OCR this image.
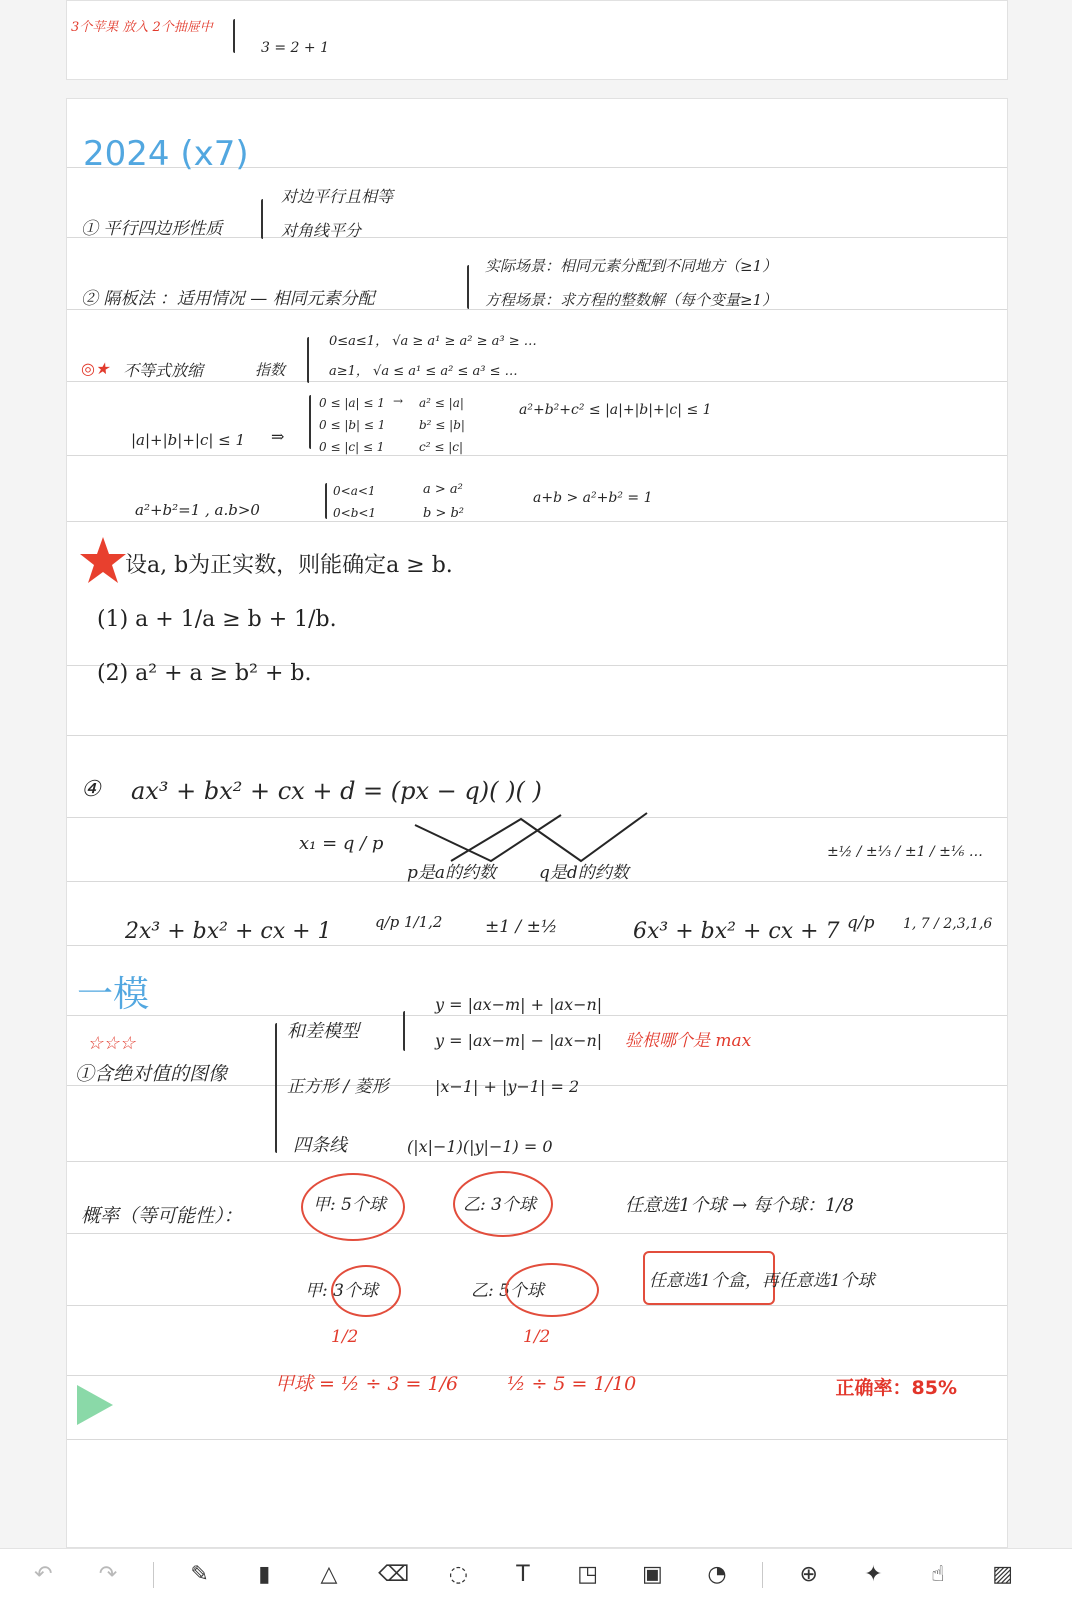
3个苹果 放入 2个抽屉中
3 = 2 + 1
2024 (x7)
① 平行四边形性质
对边平行且相等
对角线平分
② 隔板法 ：适用情况 — 相同元素分配
实际场景：相同元素分配到不同地方（≥1）
方程场景：求方程的整数解（每个变量≥1）
◎★ 不等式放缩	指数
0≤a≤1， √a ≥ a¹ ≥ a² ≥ a³ ≥ …
a≥1， √a ≤ a¹ ≤ a² ≤ a³ ≤ …
|a|+|b|+|c| ≤ 1 ⇒
0 ≤ |a| ≤ 1
0 ≤ |b| ≤ 1
0 ≤ |c| ≤ 1
→ a² ≤ |a|
b² ≤ |b|
c² ≤ |c|
a²+b²+c² ≤ |a|+|b|+|c| ≤ 1
a²+b²=1 , a.b>0
0<a<1
0<b<1
a > a²
b > b²
a+b > a²+b² = 1
设a, b为正实数，则能确定a ≥ b.
(1) a + 1/a ≥ b + 1/b.
(2) a² + a ≥ b² + b.
④ ax³ + bx² + cx + d = (px − q)( )( )
x₁ = q / p
p是a的约数	q是d的约数
±½ / ±⅓ / ±1 / ±⅙ …
2x³ + bx² + cx + 1	q/p 1/1,2	±1 / ±½	6x³ + bx² + cx + 7 q/p 1, 7 / 2,3,1,6
一模
☆☆☆
①含绝对值的图像
和差模型
y = |ax−m| + |ax−n|
y = |ax−m| − |ax−n| 验根哪个是 max
正方形 / 菱形	|x−1| + |y−1| = 2
四条线	(|x|−1)(|y|−1) = 0
概率（等可能性）：	甲: 5个球	乙: 3个球	任意选1个球 → 每个球：1/8
甲: 3个球	乙: 5个球	任意选1个盒，再任意选1个球
1/2	1/2
甲球 = ½ ÷ 3 = 1/6	½ ÷ 5 = 1/10	正确率：85%
↶	↷	✎	▮	△	⌫	◌	T	◳	▣	◔	⊕	✦	☝	▨
